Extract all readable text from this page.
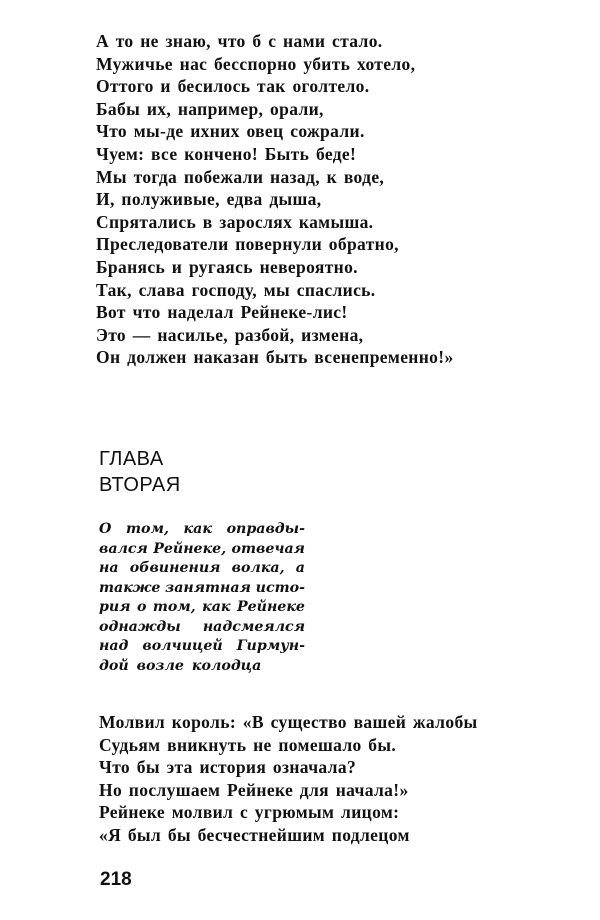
А то не знаю, что б с нами стало.
Мужичье нас бесспорно убить хотело,
Оттого и бесилось так оголтело.
Бабы их, например, орали,
Что мы-де ихних овец сожрали.
Чуем: все кончено! Быть беде!
Мы тогда побежали назад, к воде,
И, полуживые, едва дыша,
Спрятались в зарослях камыша.
Преследователи повернули обратно,
Бранясь и ругаясь невероятно.
Так, слава господу, мы спаслись.
Вот что наделал Рейнеке-лис!
Это — насилье, разбой, измена,
Он должен наказан быть всенепременно!»
ГЛАВА
ВТОРАЯ
О том, как оправды-
вался Рейнеке, отвечая
на обвинения волка, а
также занятная исто-
рия о том, как Рейнеке
однажды надсмеялся
над волчицей Гирмун-
дой возле колодца
Молвил король: «В существо вашей жалобы
Судьям вникнуть не помешало бы.
Что бы эта история означала?
Но послушаем Рейнеке для начала!»
Рейнеке молвил с угрюмым лицом:
«Я был бы бесчестнейшим подлецом
218
